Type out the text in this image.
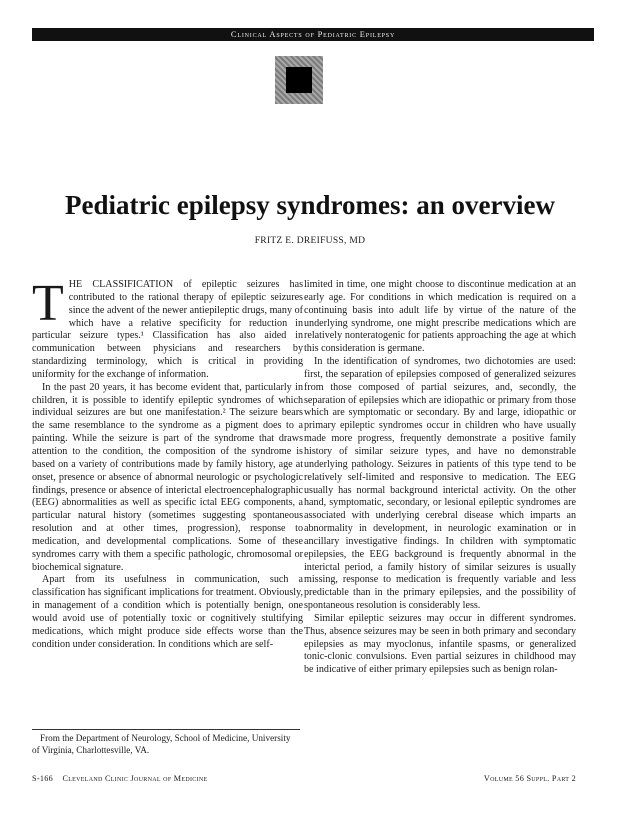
Clinical Aspects of Pediatric Epilepsy
Pediatric epilepsy syndromes: an overview
FRITZ E. DREIFUSS, MD

THE CLASSIFICATION of epileptic seizures has contributed to the rational therapy of epileptic seizures since the advent of the newer antiepileptic drugs, many of which have a relative specificity for reduction in particular seizure types.¹ Classification has also aided in communication between physicians and researchers by standardizing terminology, which is critical in providing uniformity for the exchange of information.

In the past 20 years, it has become evident that, particularly in children, it is possible to identify epileptic syndromes of which individual seizures are but one manifestation.² The seizure bears the same resemblance to the syndrome as a pigment does to a painting. While the seizure is part of the syndrome that draws attention to the condition, the composition of the syndrome is based on a variety of contributions made by family history, age at onset, presence or absence of abnormal neurologic or psychologic findings, presence or absence of interictal electroencephalographic (EEG) abnormalities as well as specific ictal EEG components, a particular natural history (sometimes suggesting spontaneous resolution and at other times, progression), response to medication, and developmental complications. Some of these syndromes carry with them a specific pathologic, chromosomal or biochemical signature.

Apart from its usefulness in communication, such a classification has significant implications for treatment. Obviously, in management of a condition which is potentially benign, one would avoid use of potentially toxic or cognitively stultifying medications, which might produce side effects worse than the condition under consideration. In conditions which are self-

limited in time, one might choose to discontinue medication at an early age. For conditions in which medication is required on a continuing basis into adult life by virtue of the nature of the underlying syndrome, one might prescribe medications which are relatively nonteratogenic for patients approaching the age at which this consideration is germane.

In the identification of syndromes, two dichotomies are used: first, the separation of epilepsies composed of generalized seizures from those composed of partial seizures, and, secondly, the separation of epilepsies which are idiopathic or primary from those which are symptomatic or secondary. By and large, idiopathic or primary epileptic syndromes occur in children who have usually made more progress, frequently demonstrate a positive family history of similar seizure types, and have no demonstrable underlying pathology. Seizures in patients of this type tend to be relatively self-limited and responsive to medication. The EEG usually has normal background interictal activity. On the other hand, symptomatic, secondary, or lesional epileptic syndromes are associated with underlying cerebral disease which imparts an abnormality in development, in neurologic examination or in ancillary investigative findings. In children with symptomatic epilepsies, the EEG background is frequently abnormal in the interictal period, a family history of similar seizures is usually missing, response to medication is frequently variable and less predictable than in the primary epilepsies, and the possibility of spontaneous resolution is considerably less.

Similar epileptic seizures may occur in different syndromes. Thus, absence seizures may be seen in both primary and secondary epilepsies as may myoclonus, infantile spasms, or generalized tonic-clonic convulsions. Even partial seizures in childhood may be indicative of either primary epilepsies such as benign rolan-

From the Department of Neurology, School of Medicine, University of Virginia, Charlottesville, VA.

S-166    Cleveland Clinic Journal of Medicine	Volume 56 Suppl. Part 2
